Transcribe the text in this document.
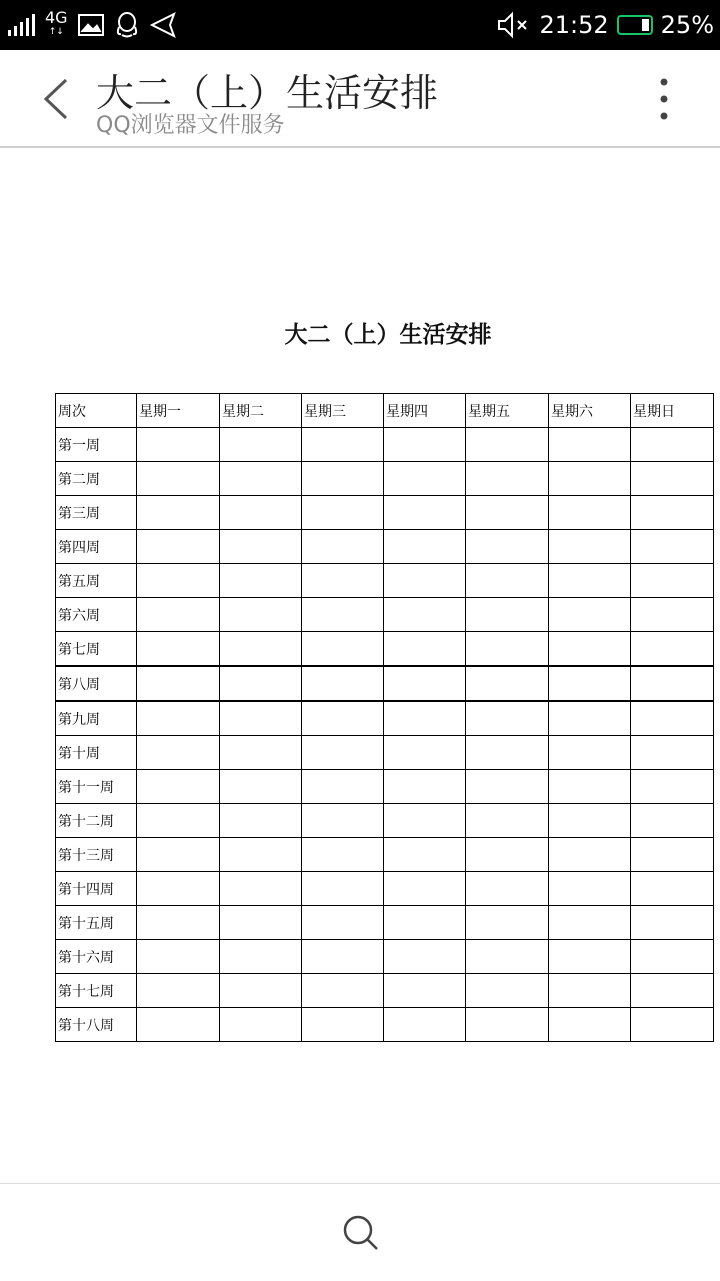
4G
↑↓	21:52 25%
大二（上）生活安排
QQ浏览器文件服务
大二（上）生活安排
周次	星期一	星期二	星期三	星期四	星期五	星期六	星期日
第一周							
第二周							
第三周							
第四周							
第五周							
第六周							
第七周							
第八周							
第九周							
第十周							
第十一周							
第十二周							
第十三周							
第十四周							
第十五周							
第十六周							
第十七周							
第十八周							
